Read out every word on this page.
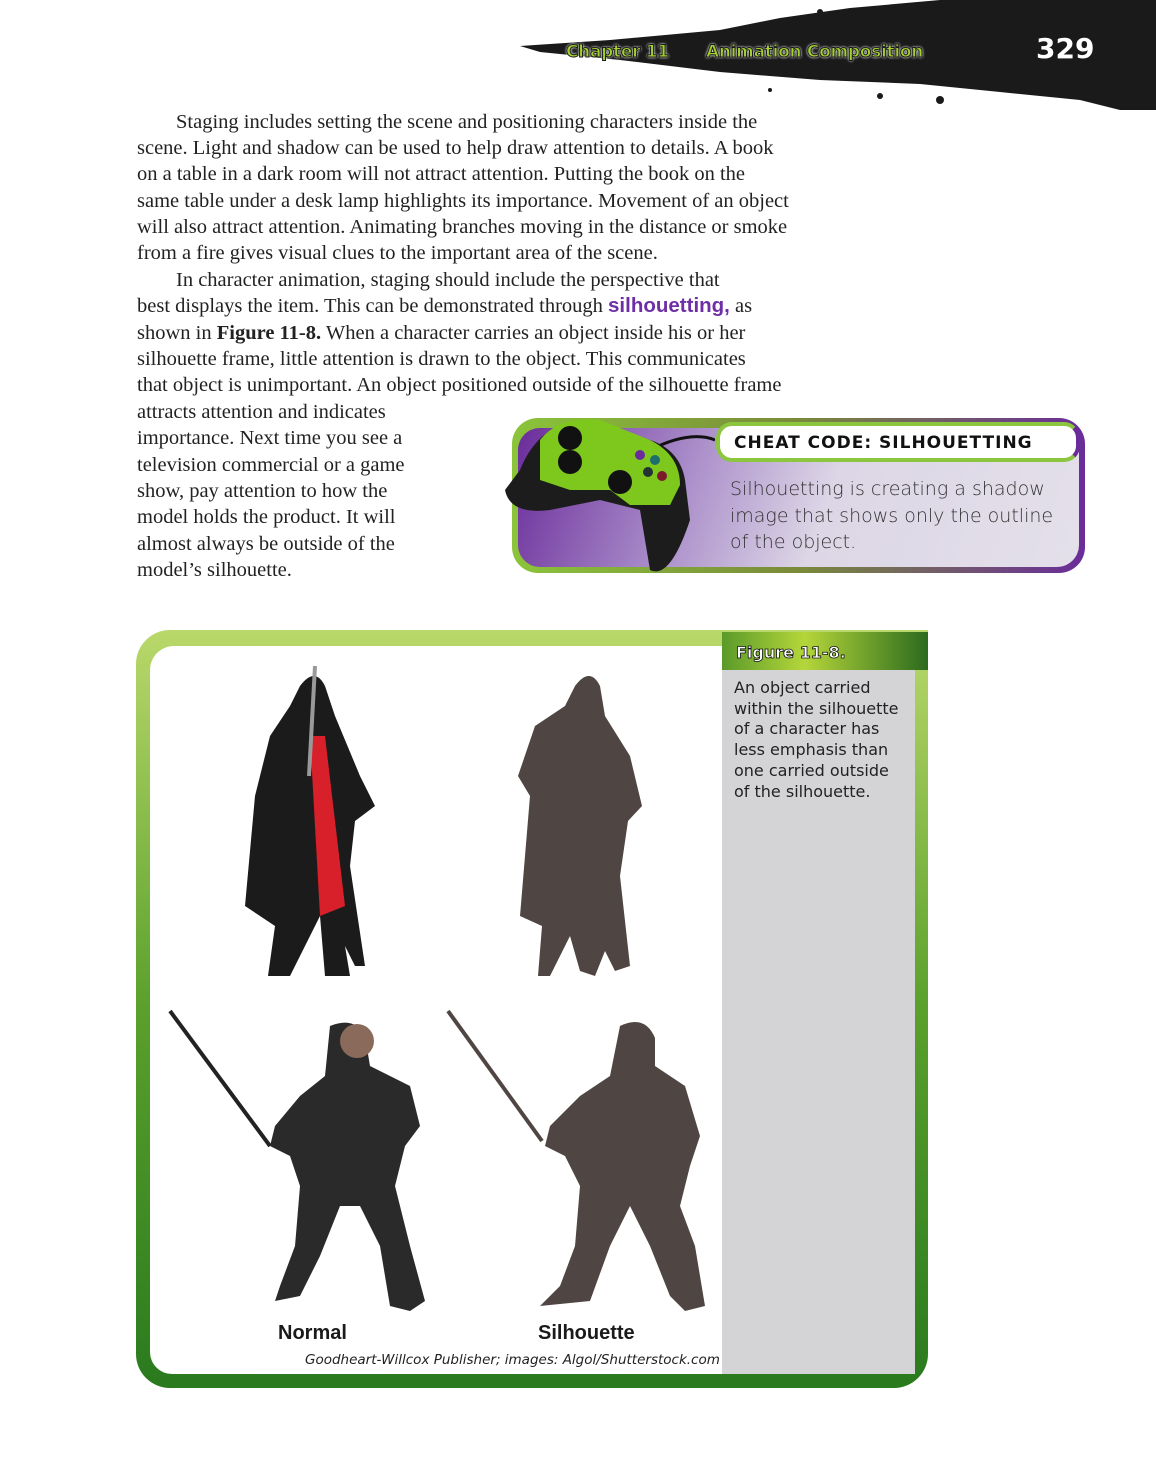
Chapter 11 Animation Composition	329
Staging includes setting the scene and positioning characters inside the
scene. Light and shadow can be used to help draw attention to details. A book
on a table in a dark room will not attract attention. Putting the book on the
same table under a desk lamp highlights its importance. Movement of an object
will also attract attention. Animating branches moving in the distance or smoke
from a fire gives visual clues to the important area of the scene.
In character animation, staging should include the perspective that
best displays the item. This can be demonstrated through silhouetting, as
shown in Figure 11-8. When a character carries an object inside his or her
silhouette frame, little attention is drawn to the object. This communicates
that object is unimportant. An object positioned outside of the silhouette frame
attracts attention and indicates
importance. Next time you see a
television commercial or a game
show, pay attention to how the
model holds the product. It will
almost always be outside of the
model’s silhouette.
CHEAT CODE: SILHOUETTING
Silhouetting is creating a shadow image that shows only the outline of the object.
Normal	Silhouette
Figure 11-8.
An object carried within the silhouette of a character has less emphasis than one carried outside of the silhouette.
Goodheart-Willcox Publisher; images: Algol/Shutterstock.com
